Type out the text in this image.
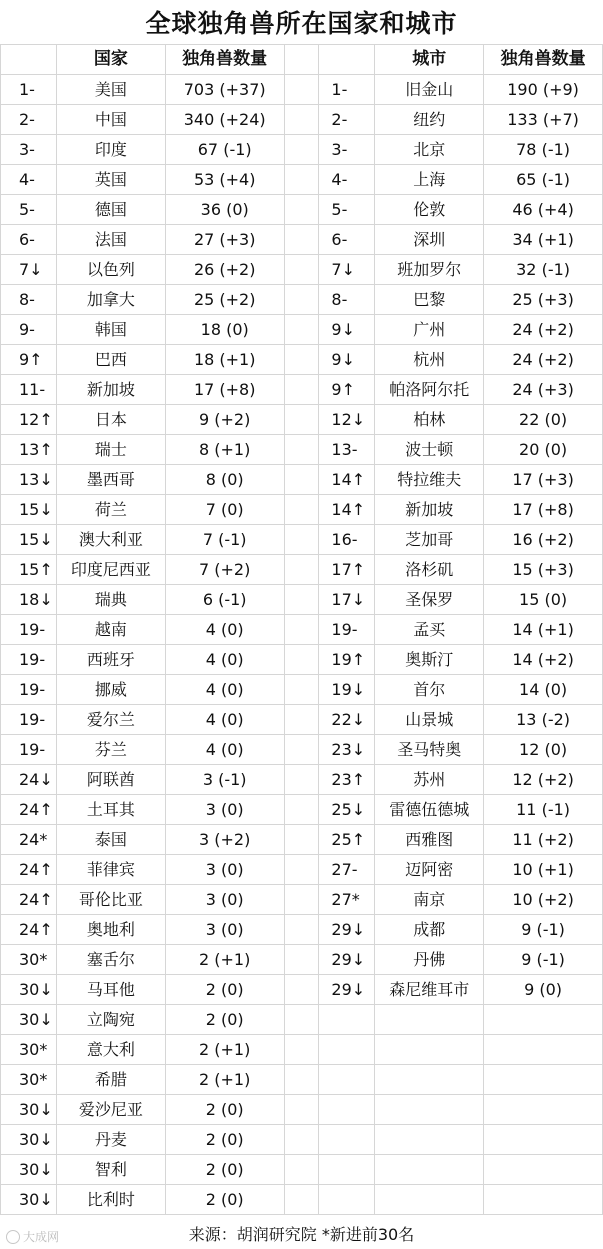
全球独角兽所在国家和城市
	国家	独角兽数量			城市	独角兽数量
1-	美国	703 (+37)		1-	旧金山	190 (+9)
2-	中国	340 (+24)		2-	纽约	133 (+7)
3-	印度	67 (-1)		3-	北京	78 (-1)
4-	英国	53 (+4)		4-	上海	65 (-1)
5-	德国	36 (0)		5-	伦敦	46 (+4)
6-	法国	27 (+3)		6-	深圳	34 (+1)
7↓	以色列	26 (+2)		7↓	班加罗尔	32 (-1)
8-	加拿大	25 (+2)		8-	巴黎	25 (+3)
9-	韩国	18 (0)		9↓	广州	24 (+2)
9↑	巴西	18 (+1)		9↓	杭州	24 (+2)
11-	新加坡	17 (+8)		9↑	帕洛阿尔托	24 (+3)
12↑	日本	9 (+2)		12↓	柏林	22 (0)
13↑	瑞士	8 (+1)		13-	波士顿	20 (0)
13↓	墨西哥	8 (0)		14↑	特拉维夫	17 (+3)
15↓	荷兰	7 (0)		14↑	新加坡	17 (+8)
15↓	澳大利亚	7 (-1)		16-	芝加哥	16 (+2)
15↑	印度尼西亚	7 (+2)		17↑	洛杉矶	15 (+3)
18↓	瑞典	6 (-1)		17↓	圣保罗	15 (0)
19-	越南	4 (0)		19-	孟买	14 (+1)
19-	西班牙	4 (0)		19↑	奥斯汀	14 (+2)
19-	挪威	4 (0)		19↓	首尔	14 (0)
19-	爱尔兰	4 (0)		22↓	山景城	13 (-2)
19-	芬兰	4 (0)		23↓	圣马特奥	12 (0)
24↓	阿联酋	3 (-1)		23↑	苏州	12 (+2)
24↑	土耳其	3 (0)		25↓	雷德伍德城	11 (-1)
24*	泰国	3 (+2)		25↑	西雅图	11 (+2)
24↑	菲律宾	3 (0)		27-	迈阿密	10 (+1)
24↑	哥伦比亚	3 (0)		27*	南京	10 (+2)
24↑	奥地利	3 (0)		29↓	成都	9 (-1)
30*	塞舌尔	2 (+1)		29↓	丹佛	9 (-1)
30↓	马耳他	2 (0)		29↓	森尼维耳市	9 (0)
30↓	立陶宛	2 (0)				
30*	意大利	2 (+1)				
30*	希腊	2 (+1)				
30↓	爱沙尼亚	2 (0)				
30↓	丹麦	2 (0)				
30↓	智利	2 (0)				
30↓	比利时	2 (0)				
来源：胡润研究院 *新进前30名
大成网
